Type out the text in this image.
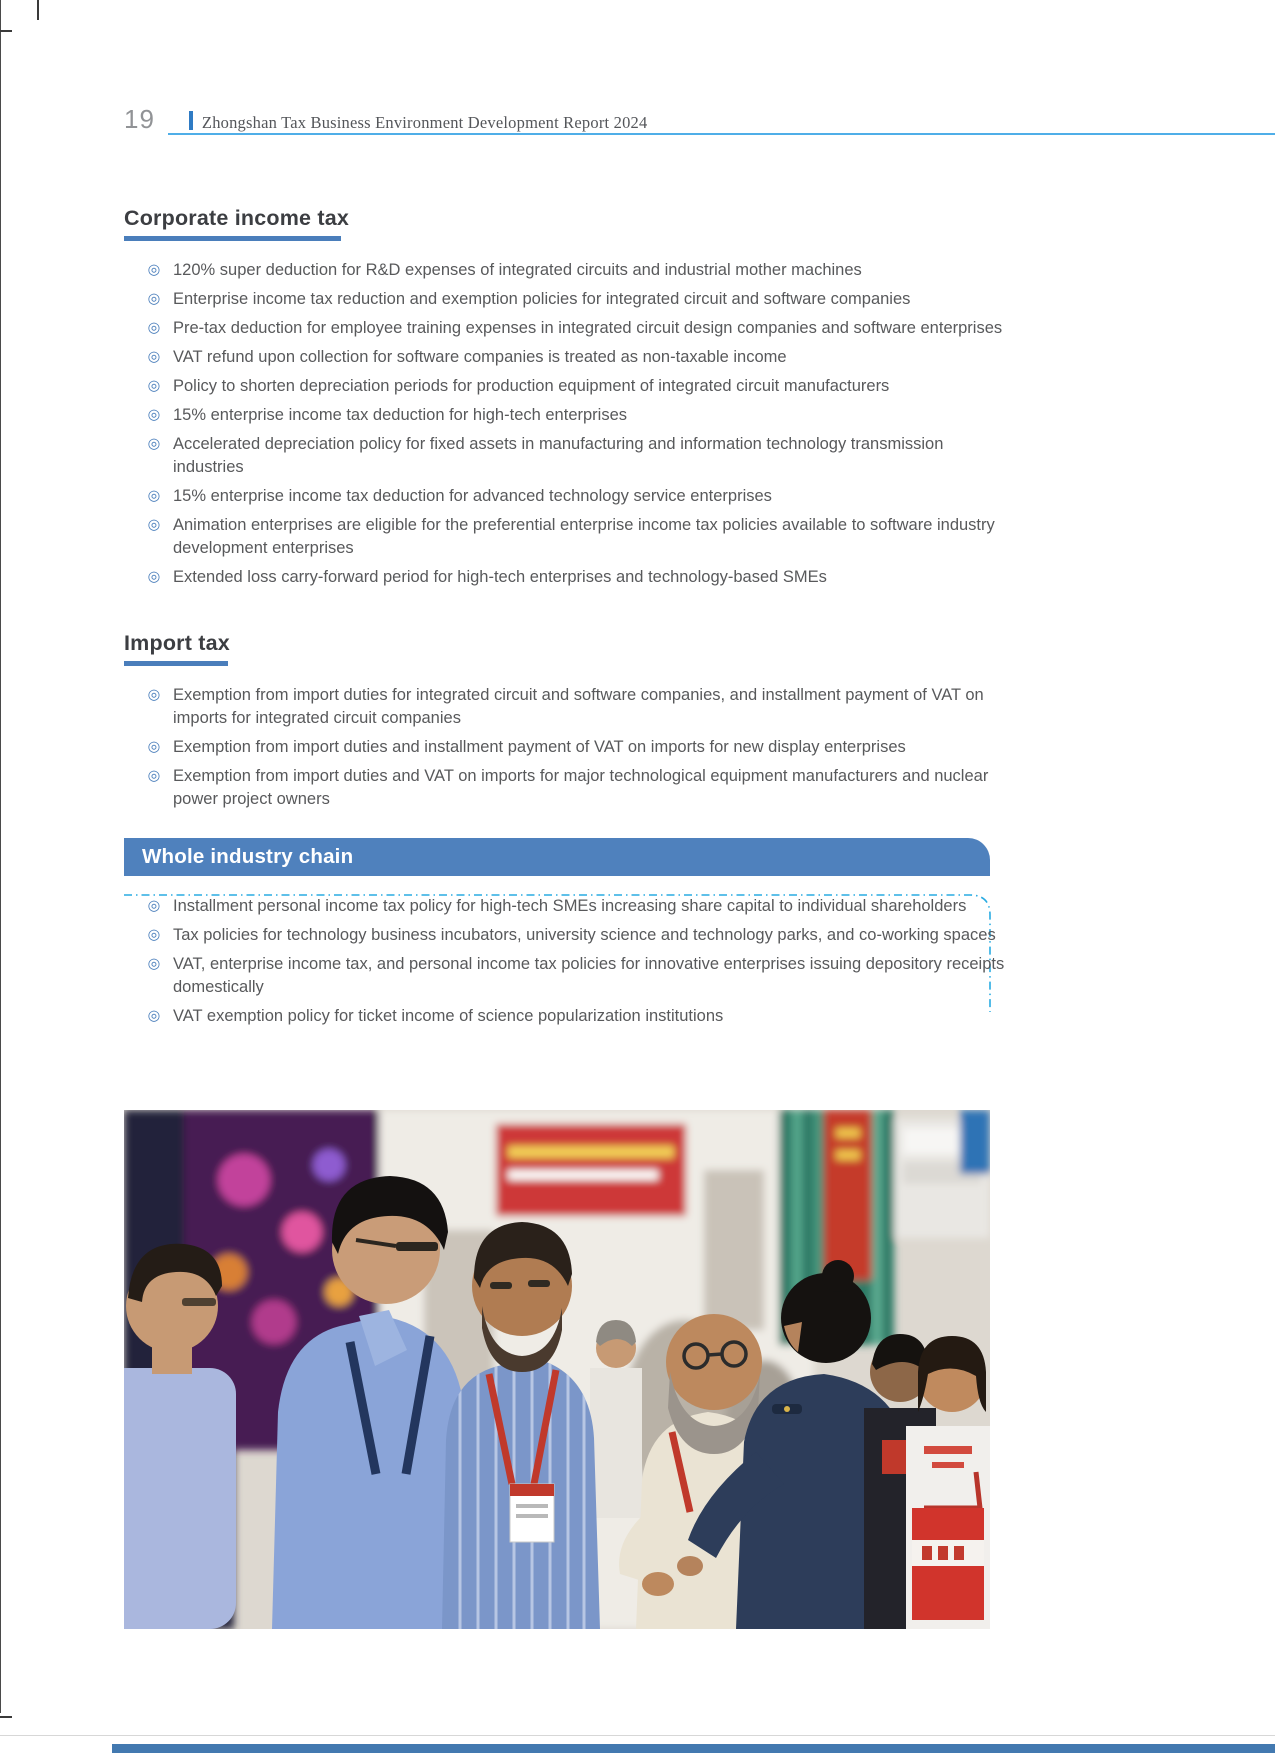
19	Zhongshan Tax Business Environment Development Report 2024
Corporate income tax
◎ 120% super deduction for R&D expenses of integrated circuits and industrial mother machines
◎ Enterprise income tax reduction and exemption policies for integrated circuit and software companies
◎ Pre-tax deduction for employee training expenses in integrated circuit design companies and software enterprises
◎ VAT refund upon collection for software companies is treated as non-taxable income
◎ Policy to shorten depreciation periods for production equipment of integrated circuit manufacturers
◎ 15% enterprise income tax deduction for high-tech enterprises
◎ Accelerated depreciation policy for fixed assets in manufacturing and information technology transmission industries
◎ 15% enterprise income tax deduction for advanced technology service enterprises
◎ Animation enterprises are eligible for the preferential enterprise income tax policies available to software industry development enterprises
◎ Extended loss carry-forward period for high-tech enterprises and technology-based SMEs
Import tax
◎ Exemption from import duties for integrated circuit and software companies, and installment payment of VAT on imports for integrated circuit companies
◎ Exemption from import duties and installment payment of VAT on imports for new display enterprises
◎ Exemption from import duties and VAT on imports for major technological equipment manufacturers and nuclear power project owners
Whole industry chain
◎ Installment personal income tax policy for high-tech SMEs increasing share capital to individual shareholders
◎ Tax policies for technology business incubators, university science and technology parks, and co-working spaces
◎ VAT, enterprise income tax, and personal income tax policies for innovative enterprises issuing depository receipts domestically
◎ VAT exemption policy for ticket income of science popularization institutions
